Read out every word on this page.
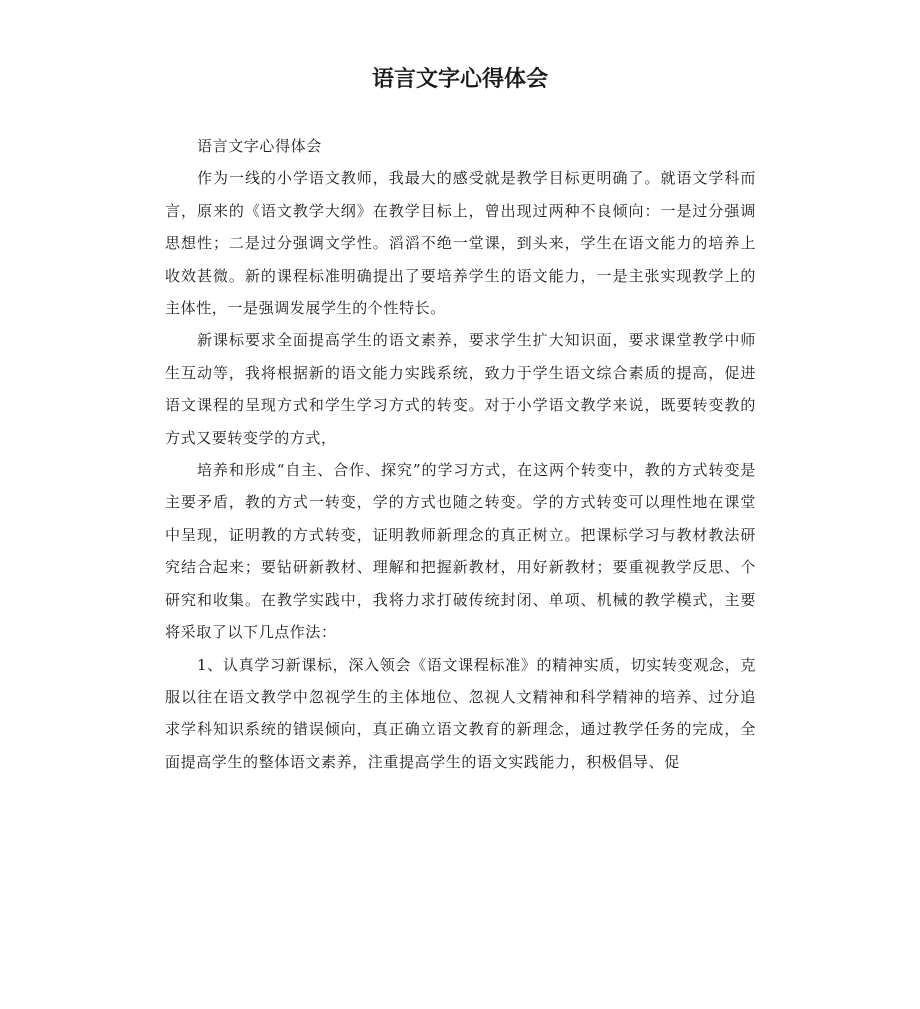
语言文字心得体会

语言文字心得体会

作为一线的小学语文教师，我最大的感受就是教学目标更明确了。就语文学科而言，原来的《语文教学大纲》在教学目标上，曾出现过两种不良倾向：一是过分强调思想性；二是过分强调文学性。滔滔不绝一堂课，到头来，学生在语文能力的培养上收效甚微。新的课程标准明确提出了要培养学生的语文能力，一是主张实现教学上的主体性，一是强调发展学生的个性特长。

新课标要求全面提高学生的语文素养，要求学生扩大知识面，要求课堂教学中师生互动等，我将根据新的语文能力实践系统，致力于学生语文综合素质的提高，促进语文课程的呈现方式和学生学习方式的转变。对于小学语文教学来说，既要转变教的方式又要转变学的方式，

培养和形成“自主、合作、探究”的学习方式，在这两个转变中，教的方式转变是主要矛盾，教的方式一转变，学的方式也随之转变。学的方式转变可以理性地在课堂中呈现，证明教的方式转变，证明教师新理念的真正树立。把课标学习与教材教法研究结合起来；要钻研新教材、理解和把握新教材，用好新教材；要重视教学反思、个研究和收集。在教学实践中，我将力求打破传统封闭、单项、机械的教学模式，主要将采取了以下几点作法：

1、认真学习新课标，深入领会《语文课程标准》的精神实质，切实转变观念，克服以往在语文教学中忽视学生的主体地位、忽视人文精神和科学精神的培养、过分追求学科知识系统的错误倾向，真正确立语文教育的新理念，通过教学任务的完成，全面提高学生的整体语文素养，注重提高学生的语文实践能力，积极倡导、促
